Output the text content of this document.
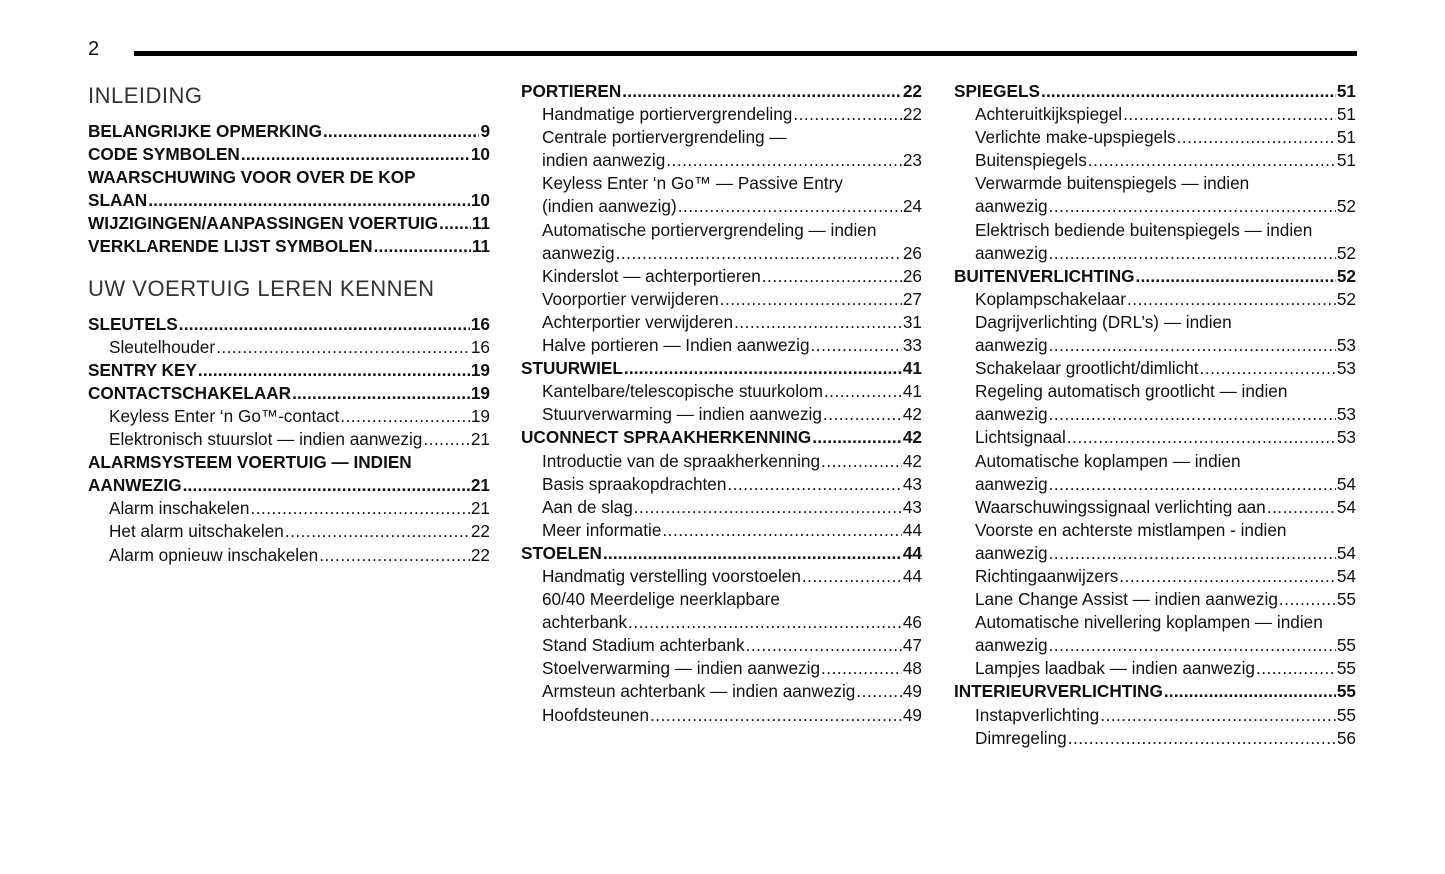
2
INLEIDING
BELANGRIJKE OPMERKING .....	9
CODE SYMBOLEN .....	10
WAARSCHUWING VOOR OVER DE KOP
SLAAN .....	10
WIJZIGINGEN/AANPASSINGEN VOERTUIG ..... 11
VERKLARENDE LIJST SYMBOLEN .....	11
UW VOERTUIG LEREN KENNEN
SLEUTELS .....	16
Sleutelhouder .....	16
SENTRY KEY .....	19
CONTACTSCHAKELAAR .....	19
Keyless Enter ‘n Go™-contact .....	19
Elektronisch stuurslot — indien aanwezig .....	21
ALARMSYSTEEM VOERTUIG — INDIEN
AANWEZIG .....	21
Alarm inschakelen .....	21
Het alarm uitschakelen .....	22
Alarm opnieuw inschakelen .....	22
PORTIEREN .....	22
Handmatige portiervergrendeling .....	22
Centrale portiervergrendeling —
indien aanwezig .....	23
Keyless Enter ‘n Go™ — Passive Entry
(indien aanwezig) .....	24
Automatische portiervergrendeling — indien
aanwezig .....	26
Kinderslot — achterportieren .....	26
Voorportier verwijderen .....	27
Achterportier verwijderen .....	31
Halve portieren — Indien aanwezig .....	33
STUURWIEL .....	41
Kantelbare/telescopische stuurkolom .....	41
Stuurverwarming — indien aanwezig .....	42
UCONNECT SPRAAKHERKENNING .....	42
Introductie van de spraakherkenning .....	42
Basis spraakopdrachten .....	43
Aan de slag .....	43
Meer informatie .....	44
STOELEN .....	44
Handmatig verstelling voorstoelen .....	44
60/40 Meerdelige neerklapbare
achterbank .....	46
Stand Stadium achterbank .....	47
Stoelverwarming — indien aanwezig .....	48
Armsteun achterbank — indien aanwezig .....	49
Hoofdsteunen .....	49
SPIEGELS .....	51
Achteruitkijkspiegel .....	51
Verlichte make-upspiegels .....	51
Buitenspiegels .....	51
Verwarmde buitenspiegels — indien
aanwezig .....	52
Elektrisch bediende buitenspiegels — indien
aanwezig .....	52
BUITENVERLICHTING .....	52
Koplampschakelaar .....	52
Dagrijverlichting (DRL’s) — indien
aanwezig .....	53
Schakelaar grootlicht/dimlicht .....	53
Regeling automatisch grootlicht — indien
aanwezig .....	53
Lichtsignaal .....	53
Automatische koplampen — indien
aanwezig .....	54
Waarschuwingssignaal verlichting aan .....	54
Voorste en achterste mistlampen - indien
aanwezig .....	54
Richtingaanwijzers .....	54
Lane Change Assist — indien aanwezig .....	55
Automatische nivellering koplampen — indien
aanwezig .....	55
Lampjes laadbak — indien aanwezig .....	55
INTERIEURVERLICHTING .....	55
Instapverlichting .....	55
Dimregeling .....	56
